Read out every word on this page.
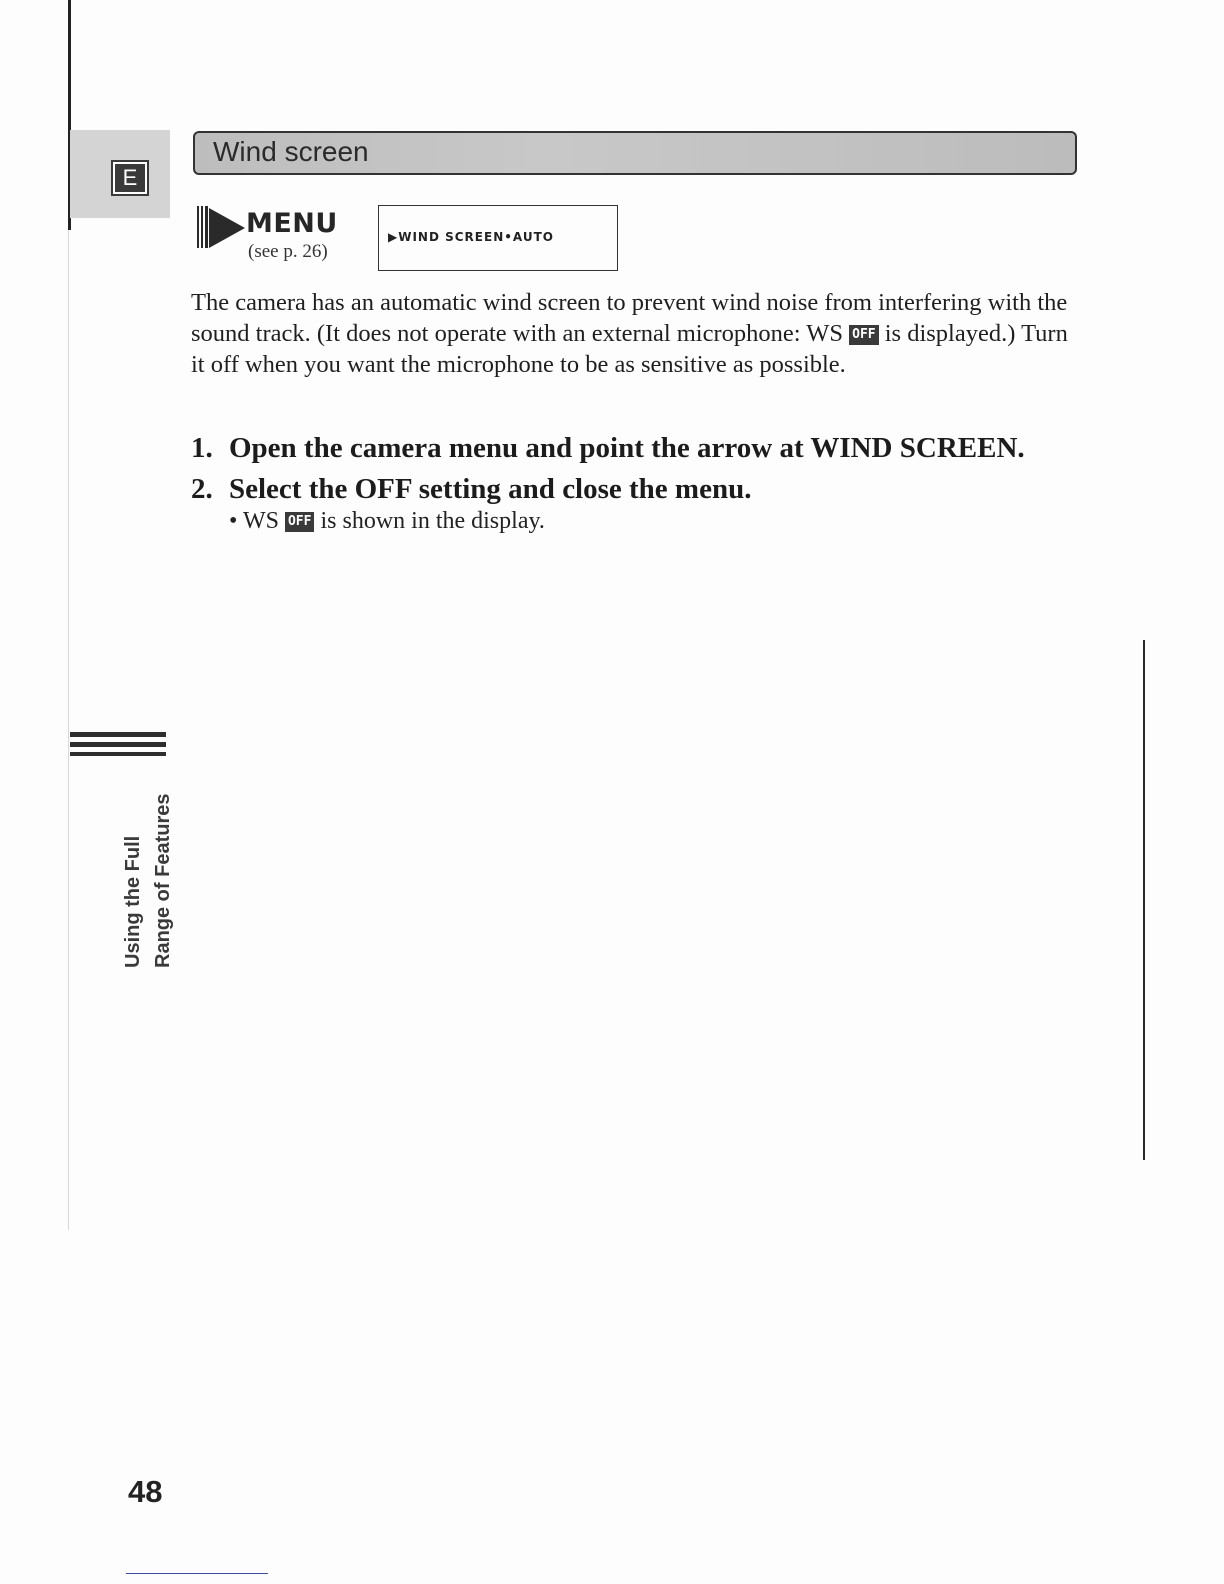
E
Wind screen
MENU
(see p. 26)
▶WIND SCREEN•AUTO
The camera has an automatic wind screen to prevent wind noise from interfering with the sound track. (It does not operate with an external microphone: WS OFF is displayed.) Turn it off when you want the microphone to be as sensitive as possible.
1. Open the camera menu and point the arrow at WIND SCREEN.
2. Select the OFF setting and close the menu.
• WS OFF is shown in the display.
Using the Full Range of Features
48
